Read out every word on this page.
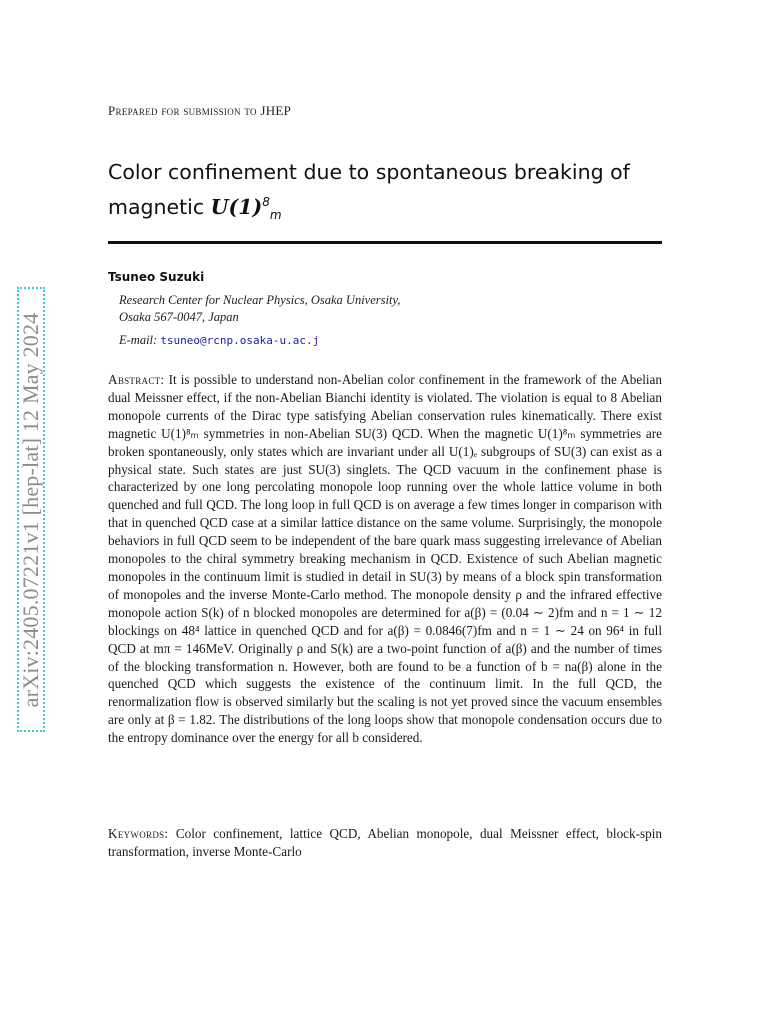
arXiv:2405.07221v1 [hep-lat] 12 May 2024
Prepared for submission to JHEP
Color confinement due to spontaneous breaking of magnetic $U(1)^8_m$
Tsuneo Suzuki
Research Center for Nuclear Physics, Osaka University,
Osaka 567-0047, Japan
E-mail: tsuneo@rcnp.osaka-u.ac.j
Abstract: It is possible to understand non-Abelian color confinement in the framework of the Abelian dual Meissner effect, if the non-Abelian Bianchi identity is violated. The violation is equal to 8 Abelian monopole currents of the Dirac type satisfying Abelian conservation rules kinematically. There exist magnetic U(1)⁸ₘ symmetries in non-Abelian SU(3) QCD. When the magnetic U(1)⁸ₘ symmetries are broken spontaneously, only states which are invariant under all U(1)ₑ subgroups of SU(3) can exist as a physical state. Such states are just SU(3) singlets. The QCD vacuum in the confinement phase is characterized by one long percolating monopole loop running over the whole lattice volume in both quenched and full QCD. The long loop in full QCD is on average a few times longer in comparison with that in quenched QCD case at a similar lattice distance on the same volume. Surprisingly, the monopole behaviors in full QCD seem to be independent of the bare quark mass suggesting irrelevance of Abelian monopoles to the chiral symmetry breaking mechanism in QCD. Existence of such Abelian magnetic monopoles in the continuum limit is studied in detail in SU(3) by means of a block spin transformation of monopoles and the inverse Monte-Carlo method. The monopole density ρ and the infrared effective monopole action S(k) of n blocked monopoles are determined for a(β) = (0.04 ∼ 2)fm and n = 1 ∼ 12 blockings on 48⁴ lattice in quenched QCD and for a(β) = 0.0846(7)fm and n = 1 ∼ 24 on 96⁴ in full QCD at mπ = 146MeV. Originally ρ and S(k) are a two-point function of a(β) and the number of times of the blocking transformation n. However, both are found to be a function of b = na(β) alone in the quenched QCD which suggests the existence of the continuum limit. In the full QCD, the renormalization flow is observed similarly but the scaling is not yet proved since the vacuum ensembles are only at β = 1.82. The distributions of the long loops show that monopole condensation occurs due to the entropy dominance over the energy for all b considered.
Keywords: Color confinement, lattice QCD, Abelian monopole, dual Meissner effect, block-spin transformation, inverse Monte-Carlo
